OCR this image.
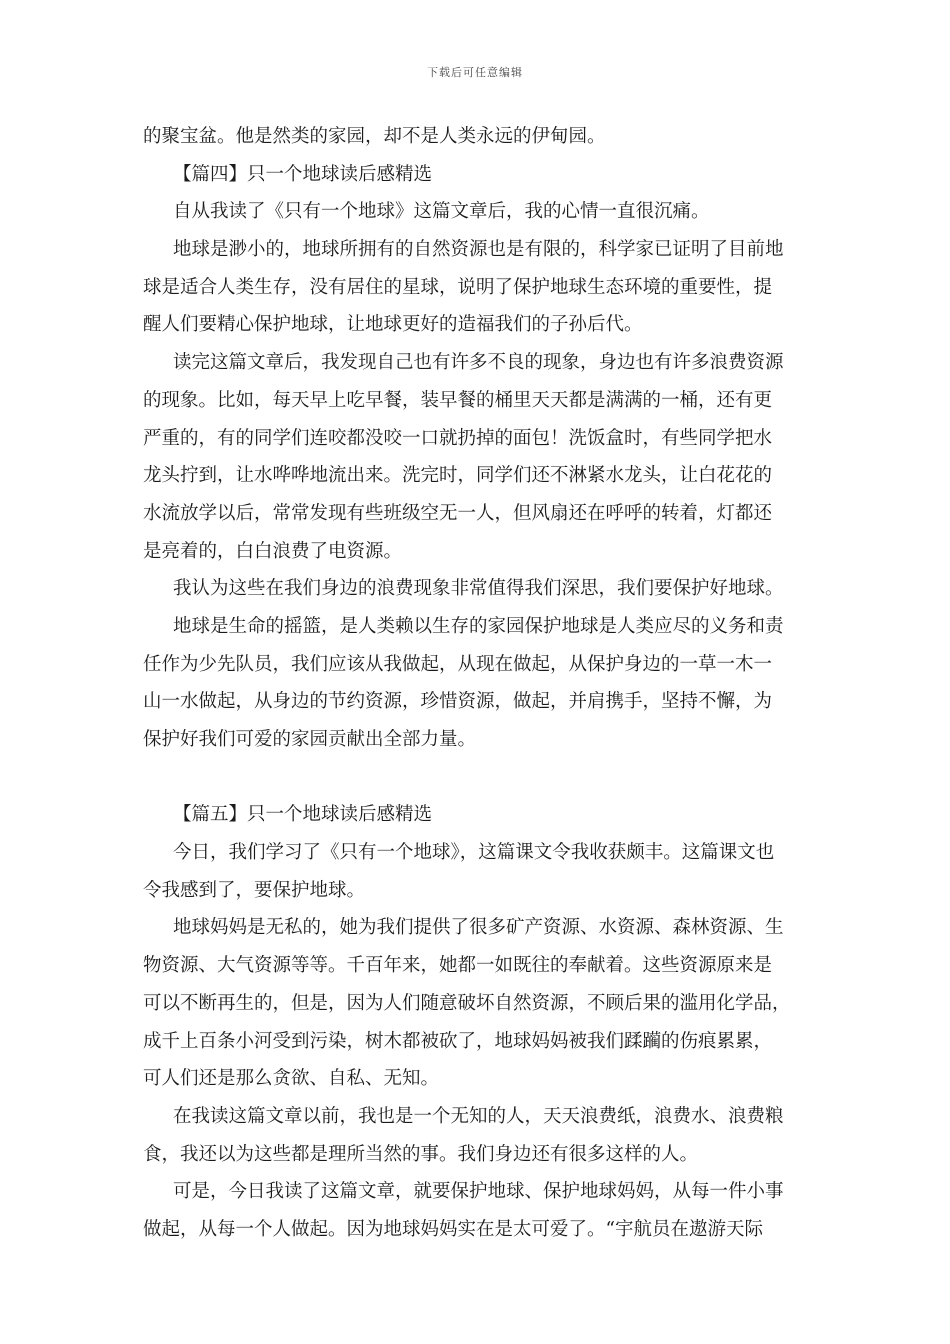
下载后可任意编辑
的聚宝盆。他是然类的家园，却不是人类永远的伊甸园。
【篇四】只一个地球读后感精选
自从我读了《只有一个地球》这篇文章后，我的心情一直很沉痛。
地球是渺小的，地球所拥有的自然资源也是有限的，科学家已证明了目前地
球是适合人类生存，没有居住的星球，说明了保护地球生态环境的重要性，提
醒人们要精心保护地球，让地球更好的造福我们的子孙后代。
读完这篇文章后，我发现自己也有许多不良的现象，身边也有许多浪费资源
的现象。比如，每天早上吃早餐，装早餐的桶里天天都是满满的一桶，还有更
严重的，有的同学们连咬都没咬一口就扔掉的面包！洗饭盒时，有些同学把水
龙头拧到，让水哗哗地流出来。洗完时，同学们还不淋紧水龙头，让白花花的
水流放学以后，常常发现有些班级空无一人，但风扇还在呼呼的转着，灯都还
是亮着的，白白浪费了电资源。
我认为这些在我们身边的浪费现象非常值得我们深思，我们要保护好地球。
地球是生命的摇篮，是人类赖以生存的家园保护地球是人类应尽的义务和责
任作为少先队员，我们应该从我做起，从现在做起，从保护身边的一草一木一
山一水做起，从身边的节约资源，珍惜资源，做起，并肩携手，坚持不懈，为
保护好我们可爱的家园贡献出全部力量。
【篇五】只一个地球读后感精选
今日，我们学习了《只有一个地球》，这篇课文令我收获颇丰。这篇课文也
令我感到了，要保护地球。
地球妈妈是无私的，她为我们提供了很多矿产资源、水资源、森林资源、生
物资源、大气资源等等。千百年来，她都一如既往的奉献着。这些资源原来是
可以不断再生的，但是，因为人们随意破坏自然资源，不顾后果的滥用化学品，
成千上百条小河受到污染，树木都被砍了，地球妈妈被我们蹂躏的伤痕累累，
可人们还是那么贪欲、自私、无知。
在我读这篇文章以前，我也是一个无知的人，天天浪费纸，浪费水、浪费粮
食，我还以为这些都是理所当然的事。我们身边还有很多这样的人。
可是，今日我读了这篇文章，就要保护地球、保护地球妈妈，从每一件小事
做起，从每一个人做起。因为地球妈妈实在是太可爱了。“宇航员在遨游天际
